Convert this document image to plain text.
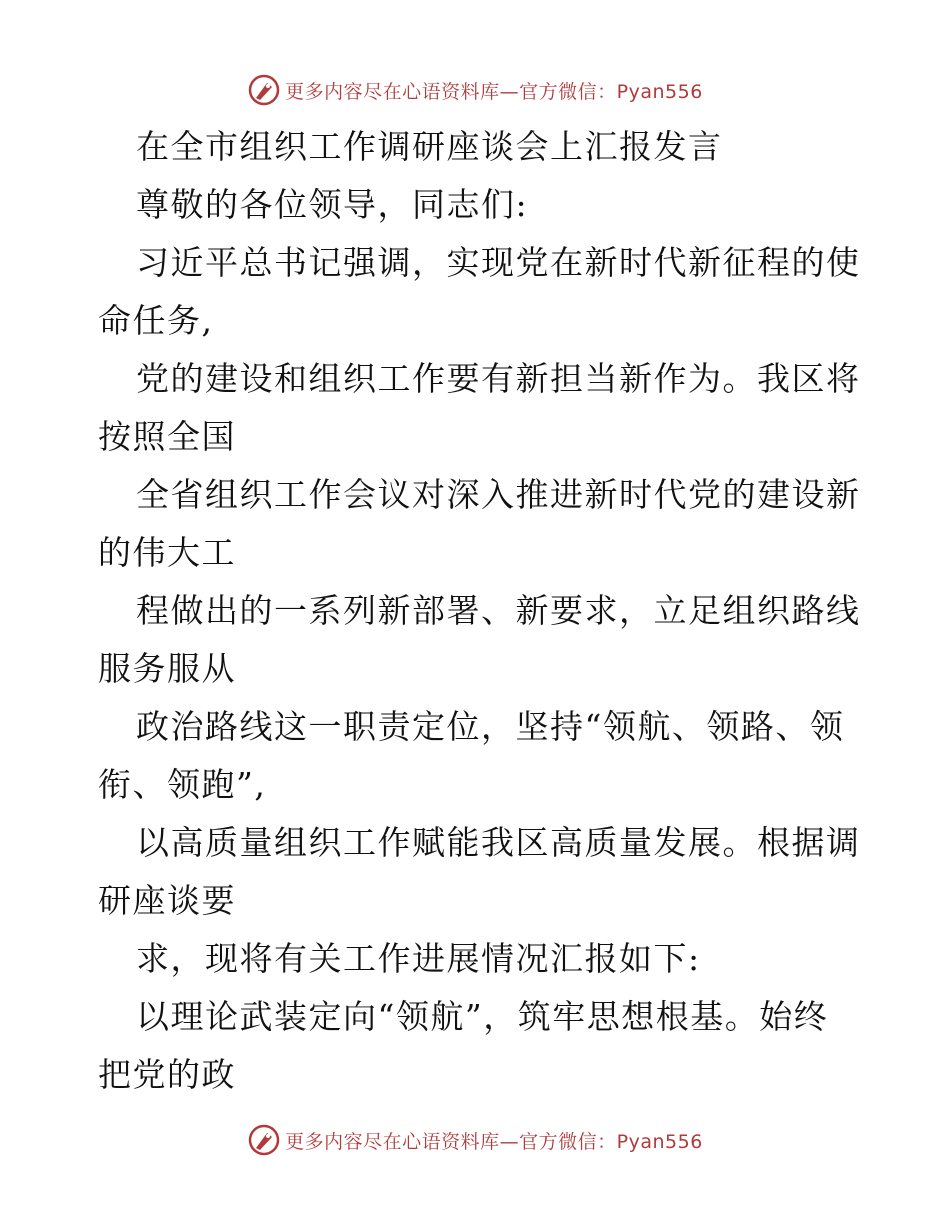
更多内容尽在心语资料库—官方微信：Pyan556
在全市组织工作调研座谈会上汇报发言
尊敬的各位领导，同志们:
习近平总书记强调，实现党在新时代新征程的使
命任务,
党的建设和组织工作要有新担当新作为。我区将
按照全国
全省组织工作会议对深入推进新时代党的建设新
的伟大工
程做出的一系列新部署、新要求，立足组织路线
服务服从
政治路线这一职责定位，坚持“领航、领路、领
衔、领跑”,
以高质量组织工作赋能我区高质量发展。根据调
研座谈要
求，现将有关工作进展情况汇报如下:
以理论武装定向“领航”，筑牢思想根基。始终
把党的政
更多内容尽在心语资料库—官方微信：Pyan556
